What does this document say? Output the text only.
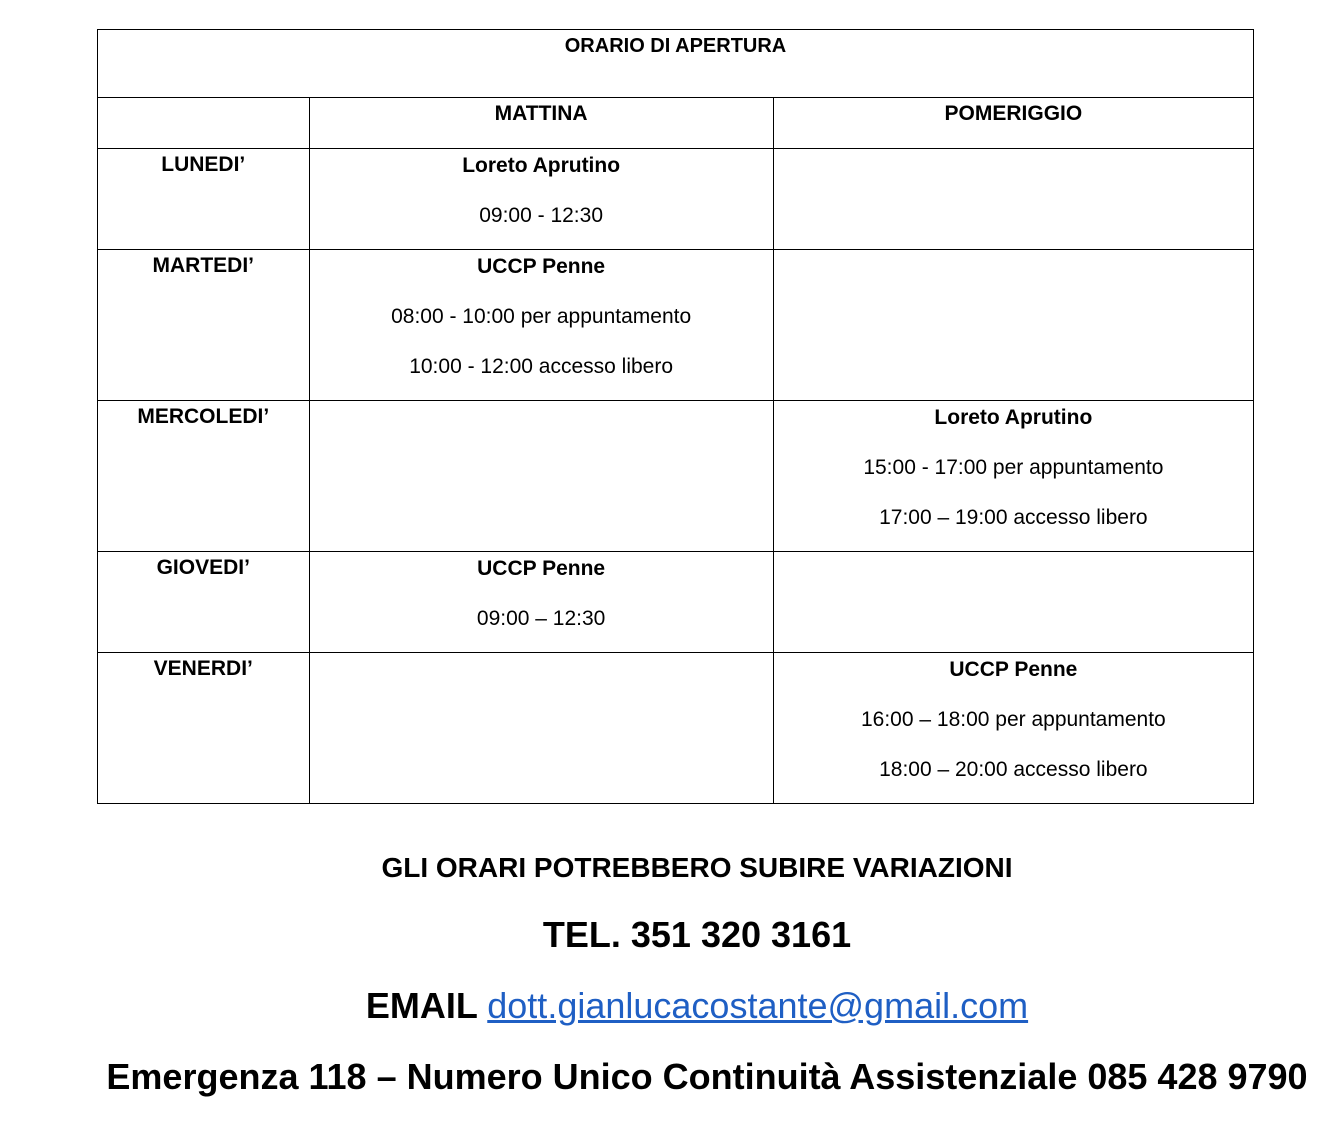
ORARIO DI APERTURA		

	MATTINA	POMERIGGIO

LUNEDI’	Loreto Aprutino
09:00 - 12:30	

MARTEDI’	UCCP Penne
08:00 - 10:00 per appuntamento
10:00 - 12:00 accesso libero	

MERCOLEDI’		Loreto Aprutino
15:00 - 17:00 per appuntamento
17:00 – 19:00 accesso libero

GIOVEDI’	UCCP Penne
09:00 – 12:30	

VENERDI’		UCCP Penne
16:00 – 18:00 per appuntamento
18:00 – 20:00 accesso libero
GLI ORARI POTREBBERO SUBIRE VARIAZIONI
TEL. 351 320 3161
EMAIL dott.gianlucacostante@gmail.com
Emergenza 118 – Numero Unico Continuità Assistenziale 085 428 9790
